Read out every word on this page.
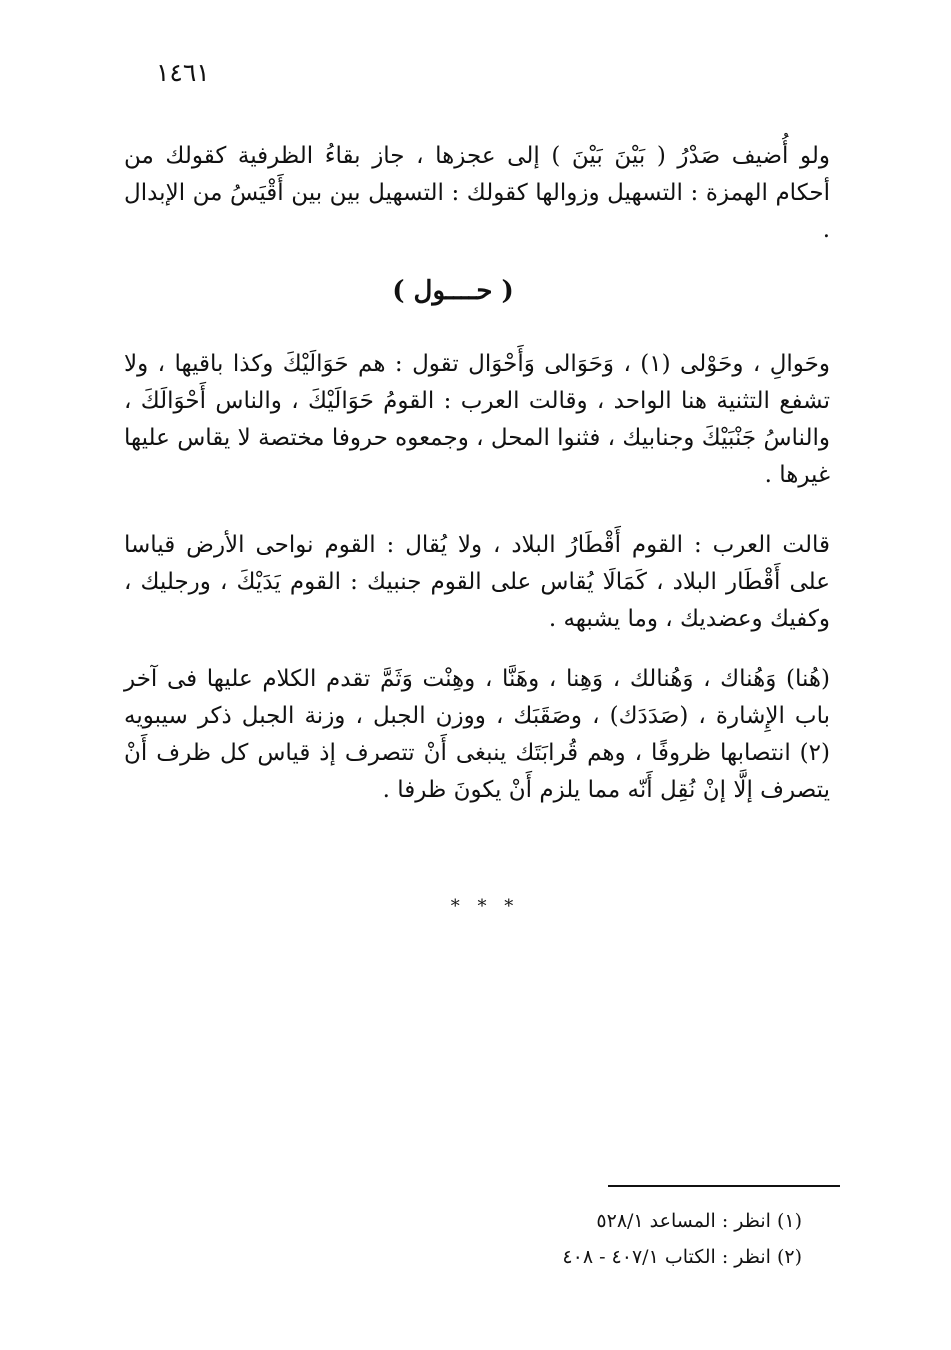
١٤٦١

ولو أُضيف صَدْرُ ( بَيْنَ بَيْنَ ) إلى عجزها ، جاز بقاءُ الظرفية كقولك من أحكام الهمزة : التسهيل وزوالها كقولك : التسهيل بين بين أَقْيَسُ من الإبدال .

( حــــول )

وحَوالِ ، وحَوْلى (١) ، وَحَوَالى وَأَحْوَال تقول : هم حَوَالَيْكَ وكذا باقيها ، ولا تشفع التثنية هنا الواحد ، وقالت العرب : القومُ حَوَالَيْكَ ، والناس أَحْوَالَكَ ، والناسُ جَنْبَيْكَ وجنابيك ، فثنوا المحل ، وجمعوه حروفا مختصة لا يقاس عليها غيرها .

قالت العرب : القوم أَقْطَارُ البلاد ، ولا يُقال : القوم نواحى الأرض قياسا على أَقْطَار البلاد ، كَمَالَا يُقاس على القوم جنبيك : القوم يَدَيْكَ ، ورجليك ، وكفيك وعضديك ، وما يشبهه .

(هُنا) وَهُناك ، وَهُنالك ، وَهِنا ، وهَنَّا ، وهِنْت وَثَمَّ تقدم الكلام عليها فى آخر باب الإِشارة ، (صَدَدَك) ، وصَقَبَك ، ووزن الجبل ، وزنة الجبل ذكر سيبويه (٢) انتصابها ظروفًا ، وهم قُرابَتَك ينبغى أَنْ تتصرف إذ قياس كل ظرف أَنْ يتصرف إلَّا إنْ نُقِل أَنّه مما يلزم أَنْ يكونَ ظرفا .

* * *
(١) انظر : المساعد ٥٢٨/١
(٢) انظر : الكتاب ٤٠٧/١ - ٤٠٨
